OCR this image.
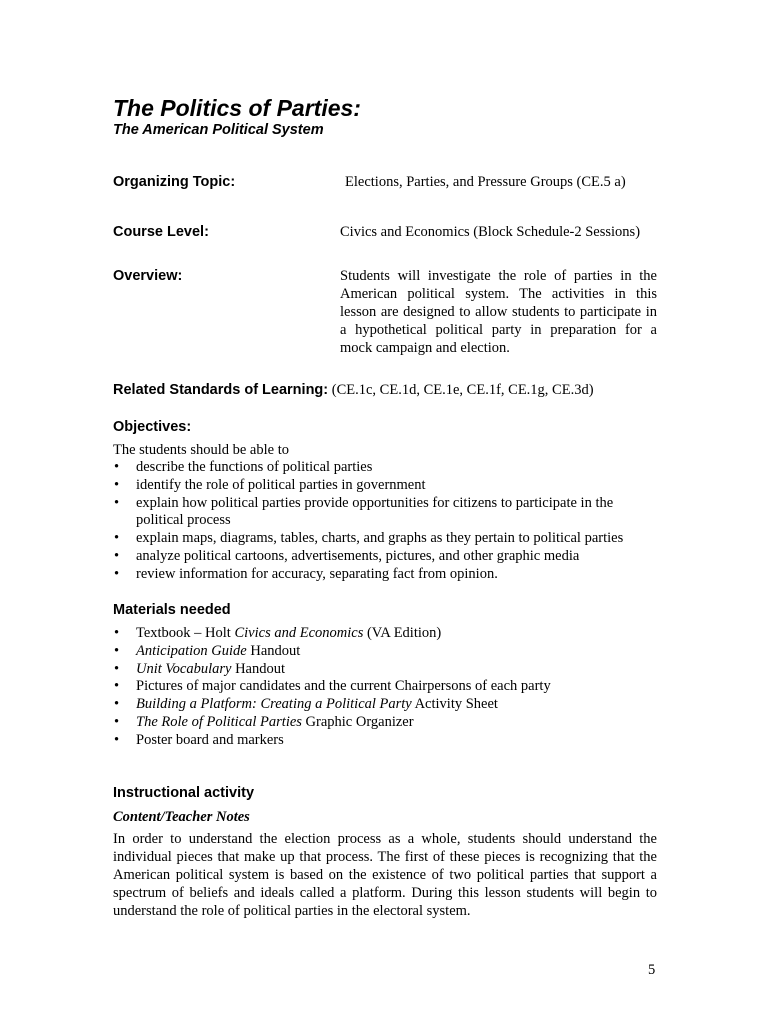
The Politics of Parties:
The American Political System
Organizing Topic:	Elections, Parties, and Pressure Groups (CE.5 a)
Course Level:	Civics and Economics (Block Schedule-2 Sessions)
Overview:	Students will investigate the role of parties in the American political system. The activities in this lesson are designed to allow students to participate in a hypothetical political party in preparation for a mock campaign and election.
Related Standards of Learning: (CE.1c, CE.1d, CE.1e, CE.1f, CE.1g, CE.3d)
Objectives:
The students should be able to
• describe the functions of political parties
• identify the role of political parties in government
• explain how political parties provide opportunities for citizens to participate in the political process
• explain maps, diagrams, tables, charts, and graphs as they pertain to political parties
• analyze political cartoons, advertisements, pictures, and other graphic media
• review information for accuracy, separating fact from opinion.
Materials needed
• Textbook – Holt Civics and Economics (VA Edition)
• Anticipation Guide Handout
• Unit Vocabulary Handout
• Pictures of major candidates and the current Chairpersons of each party
• Building a Platform: Creating a Political Party Activity Sheet
• The Role of Political Parties Graphic Organizer
• Poster board and markers
Instructional activity
Content/Teacher Notes
In order to understand the election process as a whole, students should understand the individual pieces that make up that process. The first of these pieces is recognizing that the American political system is based on the existence of two political parties that support a spectrum of beliefs and ideals called a platform. During this lesson students will begin to understand the role of political parties in the electoral system.
5
